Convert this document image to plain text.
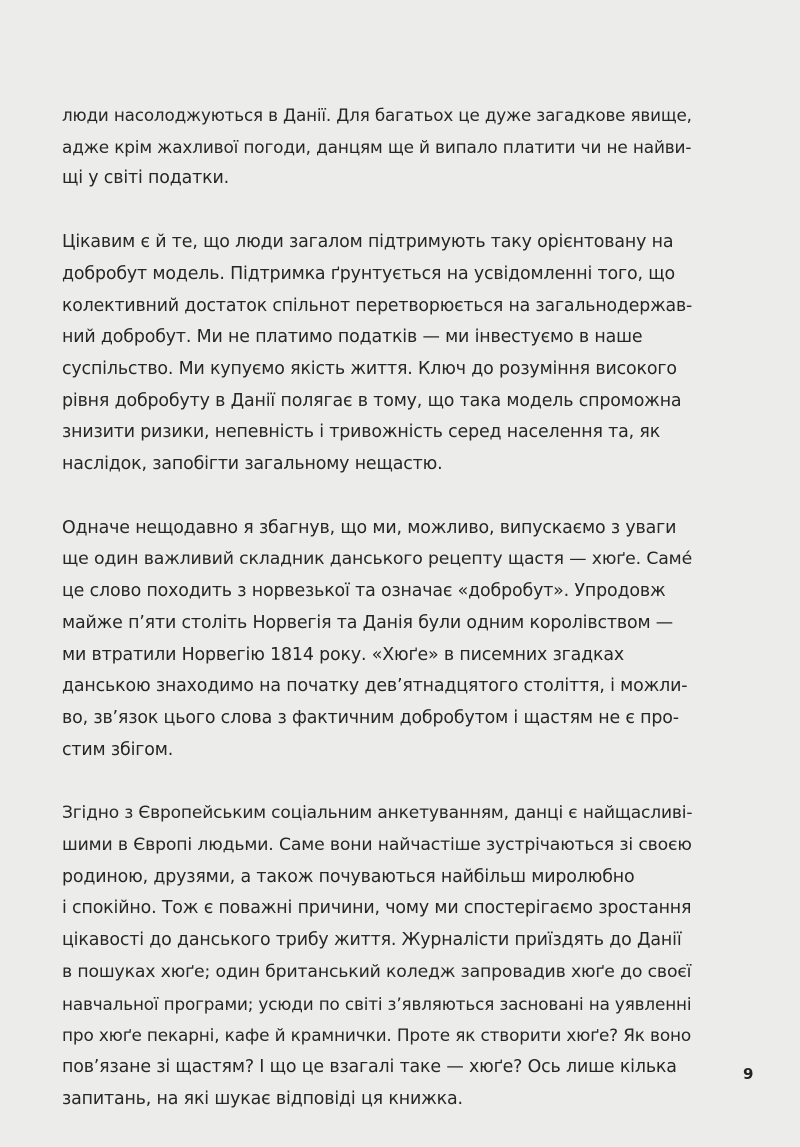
люди насолоджуються в Данії. Для багатьох це дуже загадкове явище,
адже крім жахливої погоди, данцям ще й випало платити чи не найви-
щі у світі податки.

Цікавим є й те, що люди загалом підтримують таку орієнтовану на
добробут модель. Підтримка ґрунтується на усвідомленні того, що
колективний достаток спільнот перетворюється на загальнодержав-
ний добробут. Ми не платимо податків — ми інвестуємо в наше
суспільство. Ми купуємо якість життя. Ключ до розуміння високого
рівня добробуту в Данії полягає в тому, що така модель спроможна
знизити ризики, непевність і тривожність серед населення та, як
наслідок, запобігти загальному нещастю.

Одначе нещодавно я збагнув, що ми, можливо, випускаємо з уваги
ще один важливий складник данського рецепту щастя — хюґе. Саме́
це слово походить з норвезької та означає «добробут». Упродовж
майже п’яти століть Норвегія та Данія були одним королівством —
ми втратили Норвегію 1814 року. «Хюґе» в писемних згадках
данською знаходимо на початку дев’ятнадцятого століття, і можли-
во, зв’язок цього слова з фактичним добробутом і щастям не є про-
стим збігом.

Згідно з Європейським соціальним анкетуванням, данці є найщасливі-
шими в Європі людьми. Саме вони найчастіше зустрічаються зі своєю
родиною, друзями, а також почуваються найбільш миролюбно
і спокійно. Тож є поважні причини, чому ми спостерігаємо зростання
цікавості до данського трибу життя. Журналісти приїздять до Данії
в пошуках хюґе; один британський коледж запровадив хюґе до своєї
навчальної програми; усюди по світі з’являються засновані на уявленні
про хюґе пекарні, кафе й крамнички. Проте як створити хюґе? Як воно
пов’язане зі щастям? І що це взагалі таке — хюґе? Ось лише кілька
запитань, на які шукає відповіді ця книжка.

9
